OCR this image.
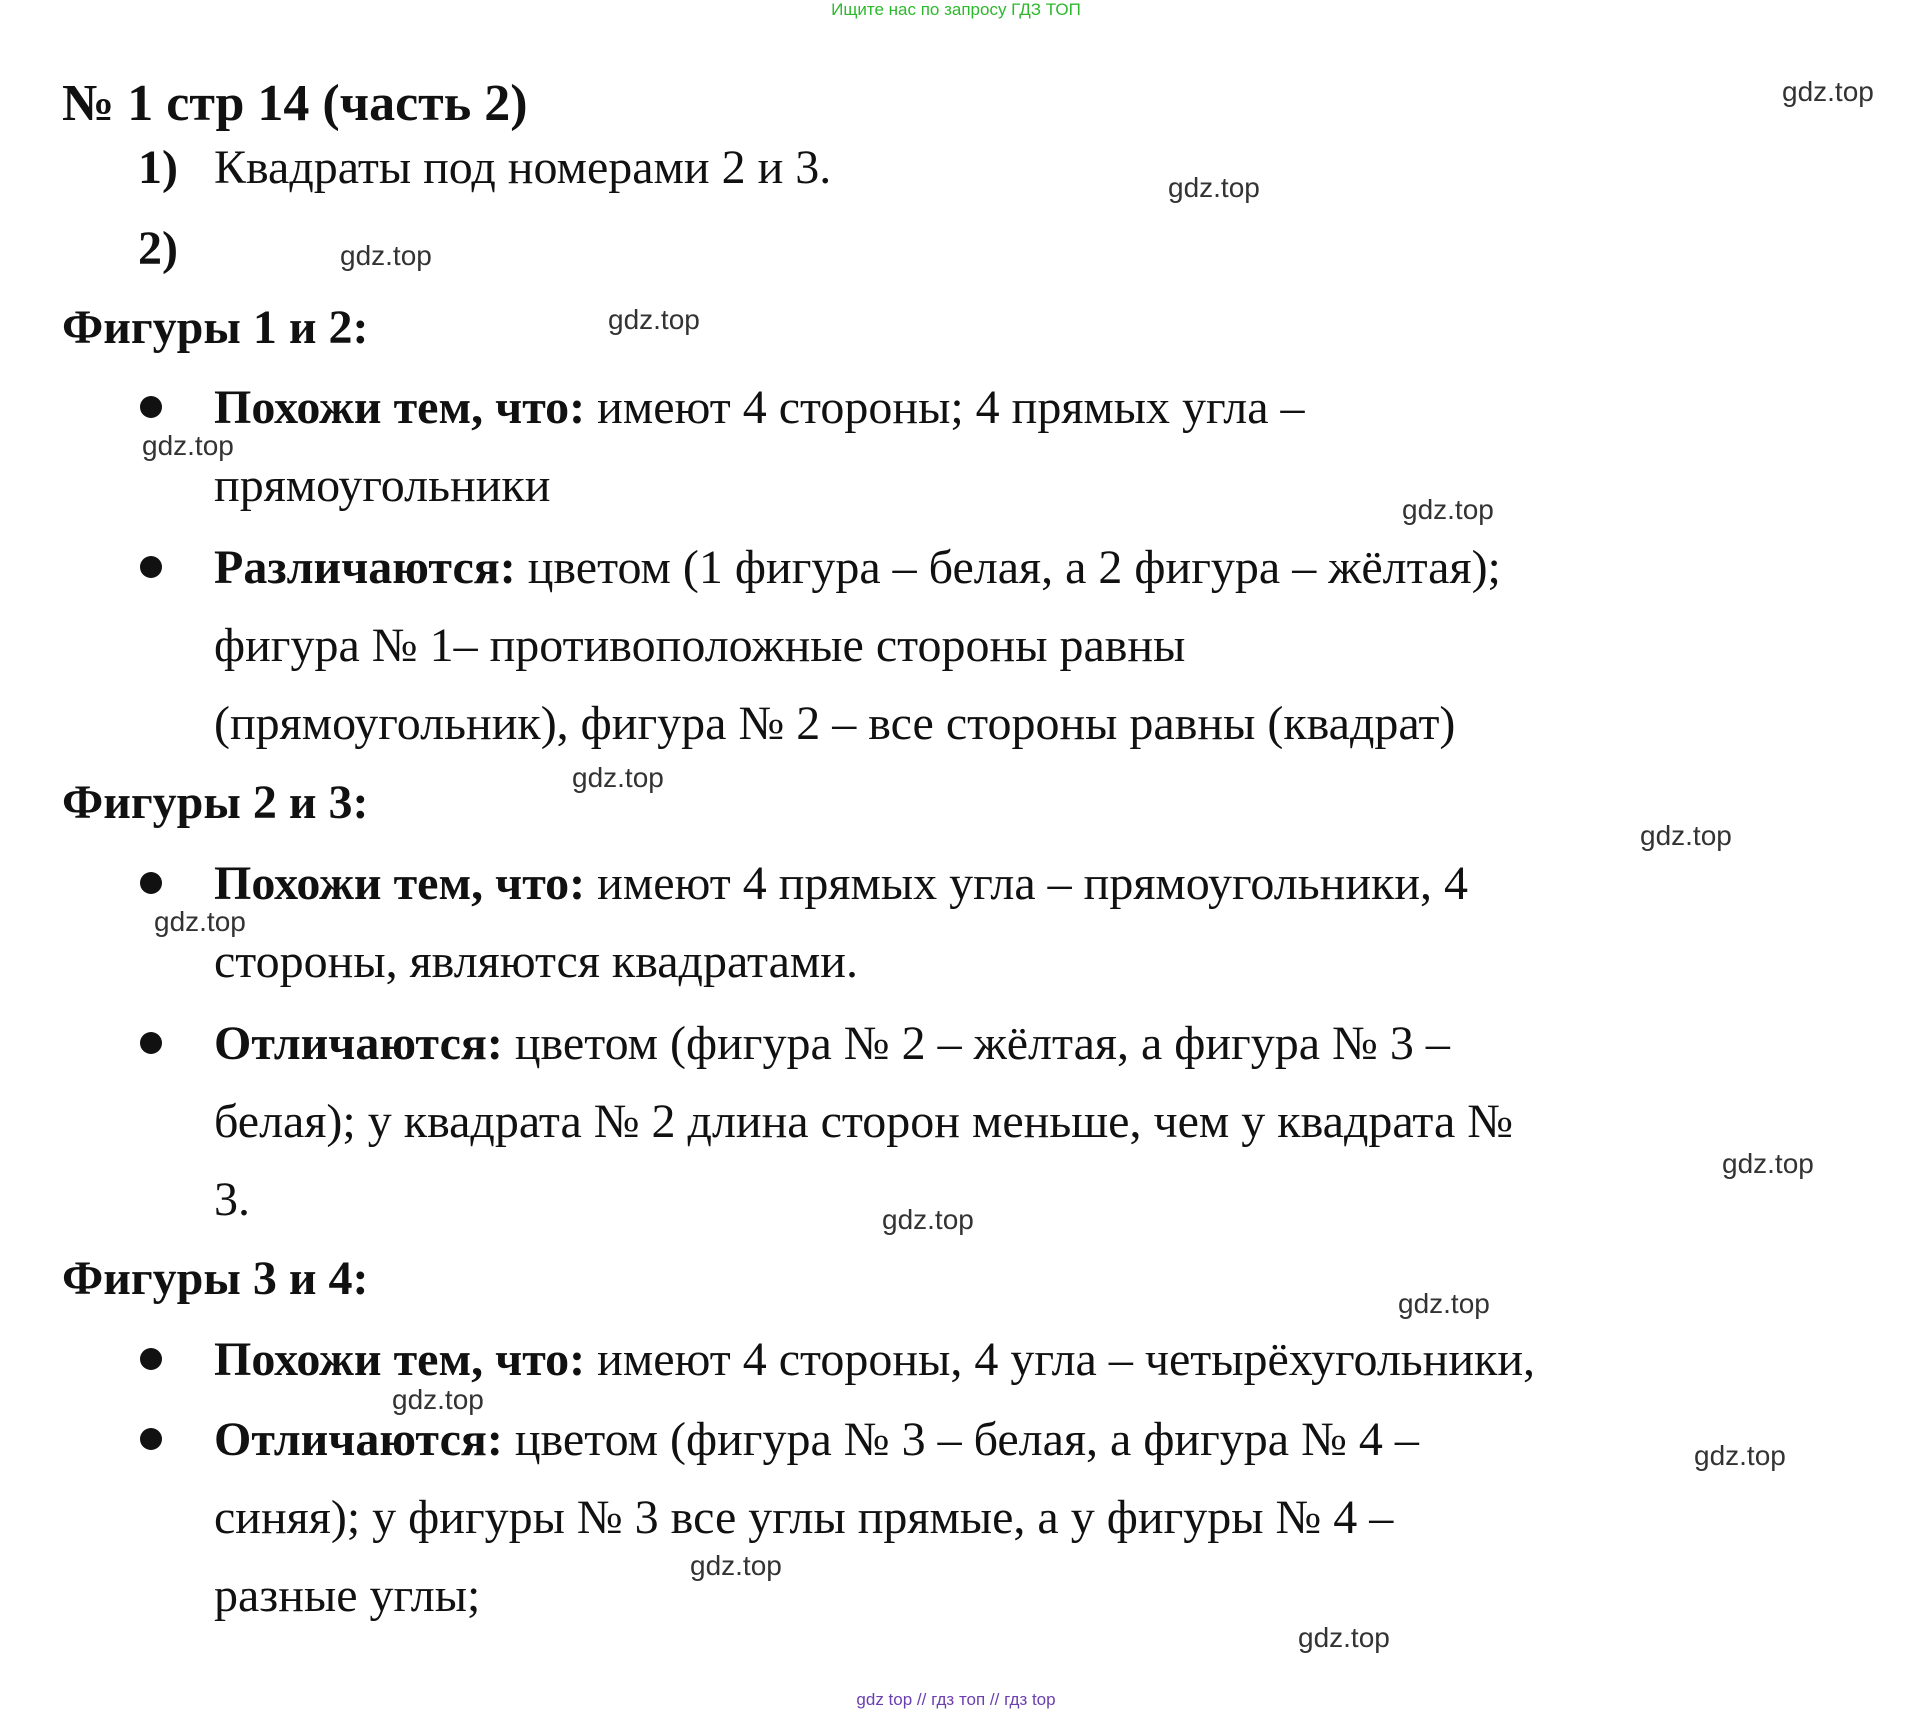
Ищите нас по запросу ГДЗ ТОП
№ 1 стр 14 (часть 2)
1) Квадраты под номерами 2 и 3.
2)
Фигуры 1 и 2:
Похожи тем, что: имеют 4 стороны; 4 прямых угла –
прямоугольники
Различаются: цветом (1 фигура – белая, а 2 фигура – жёлтая);
фигура № 1– противоположные стороны равны
(прямоугольник), фигура № 2 – все стороны равны (квадрат)
Фигуры 2 и 3:
Похожи тем, что: имеют 4 прямых угла – прямоугольники, 4
стороны, являются квадратами.
Отличаются: цветом (фигура № 2 – жёлтая, а фигура № 3 –
белая); у квадрата № 2 длина сторон меньше, чем у квадрата №
3.
Фигуры 3 и 4:
Похожи тем, что: имеют 4 стороны, 4 угла – четырёхугольники,
Отличаются: цветом (фигура № 3 – белая, а фигура № 4 –
синяя); у фигуры № 3 все углы прямые, а у фигуры № 4 –
разные углы;
gdz.top
gdz.top
gdz.top
gdz.top
gdz.top
gdz.top
gdz.top
gdz.top
gdz.top
gdz.top
gdz.top
gdz.top
gdz.top
gdz.top
gdz.top
gdz.top
gdz top // гдз топ // гдз top
